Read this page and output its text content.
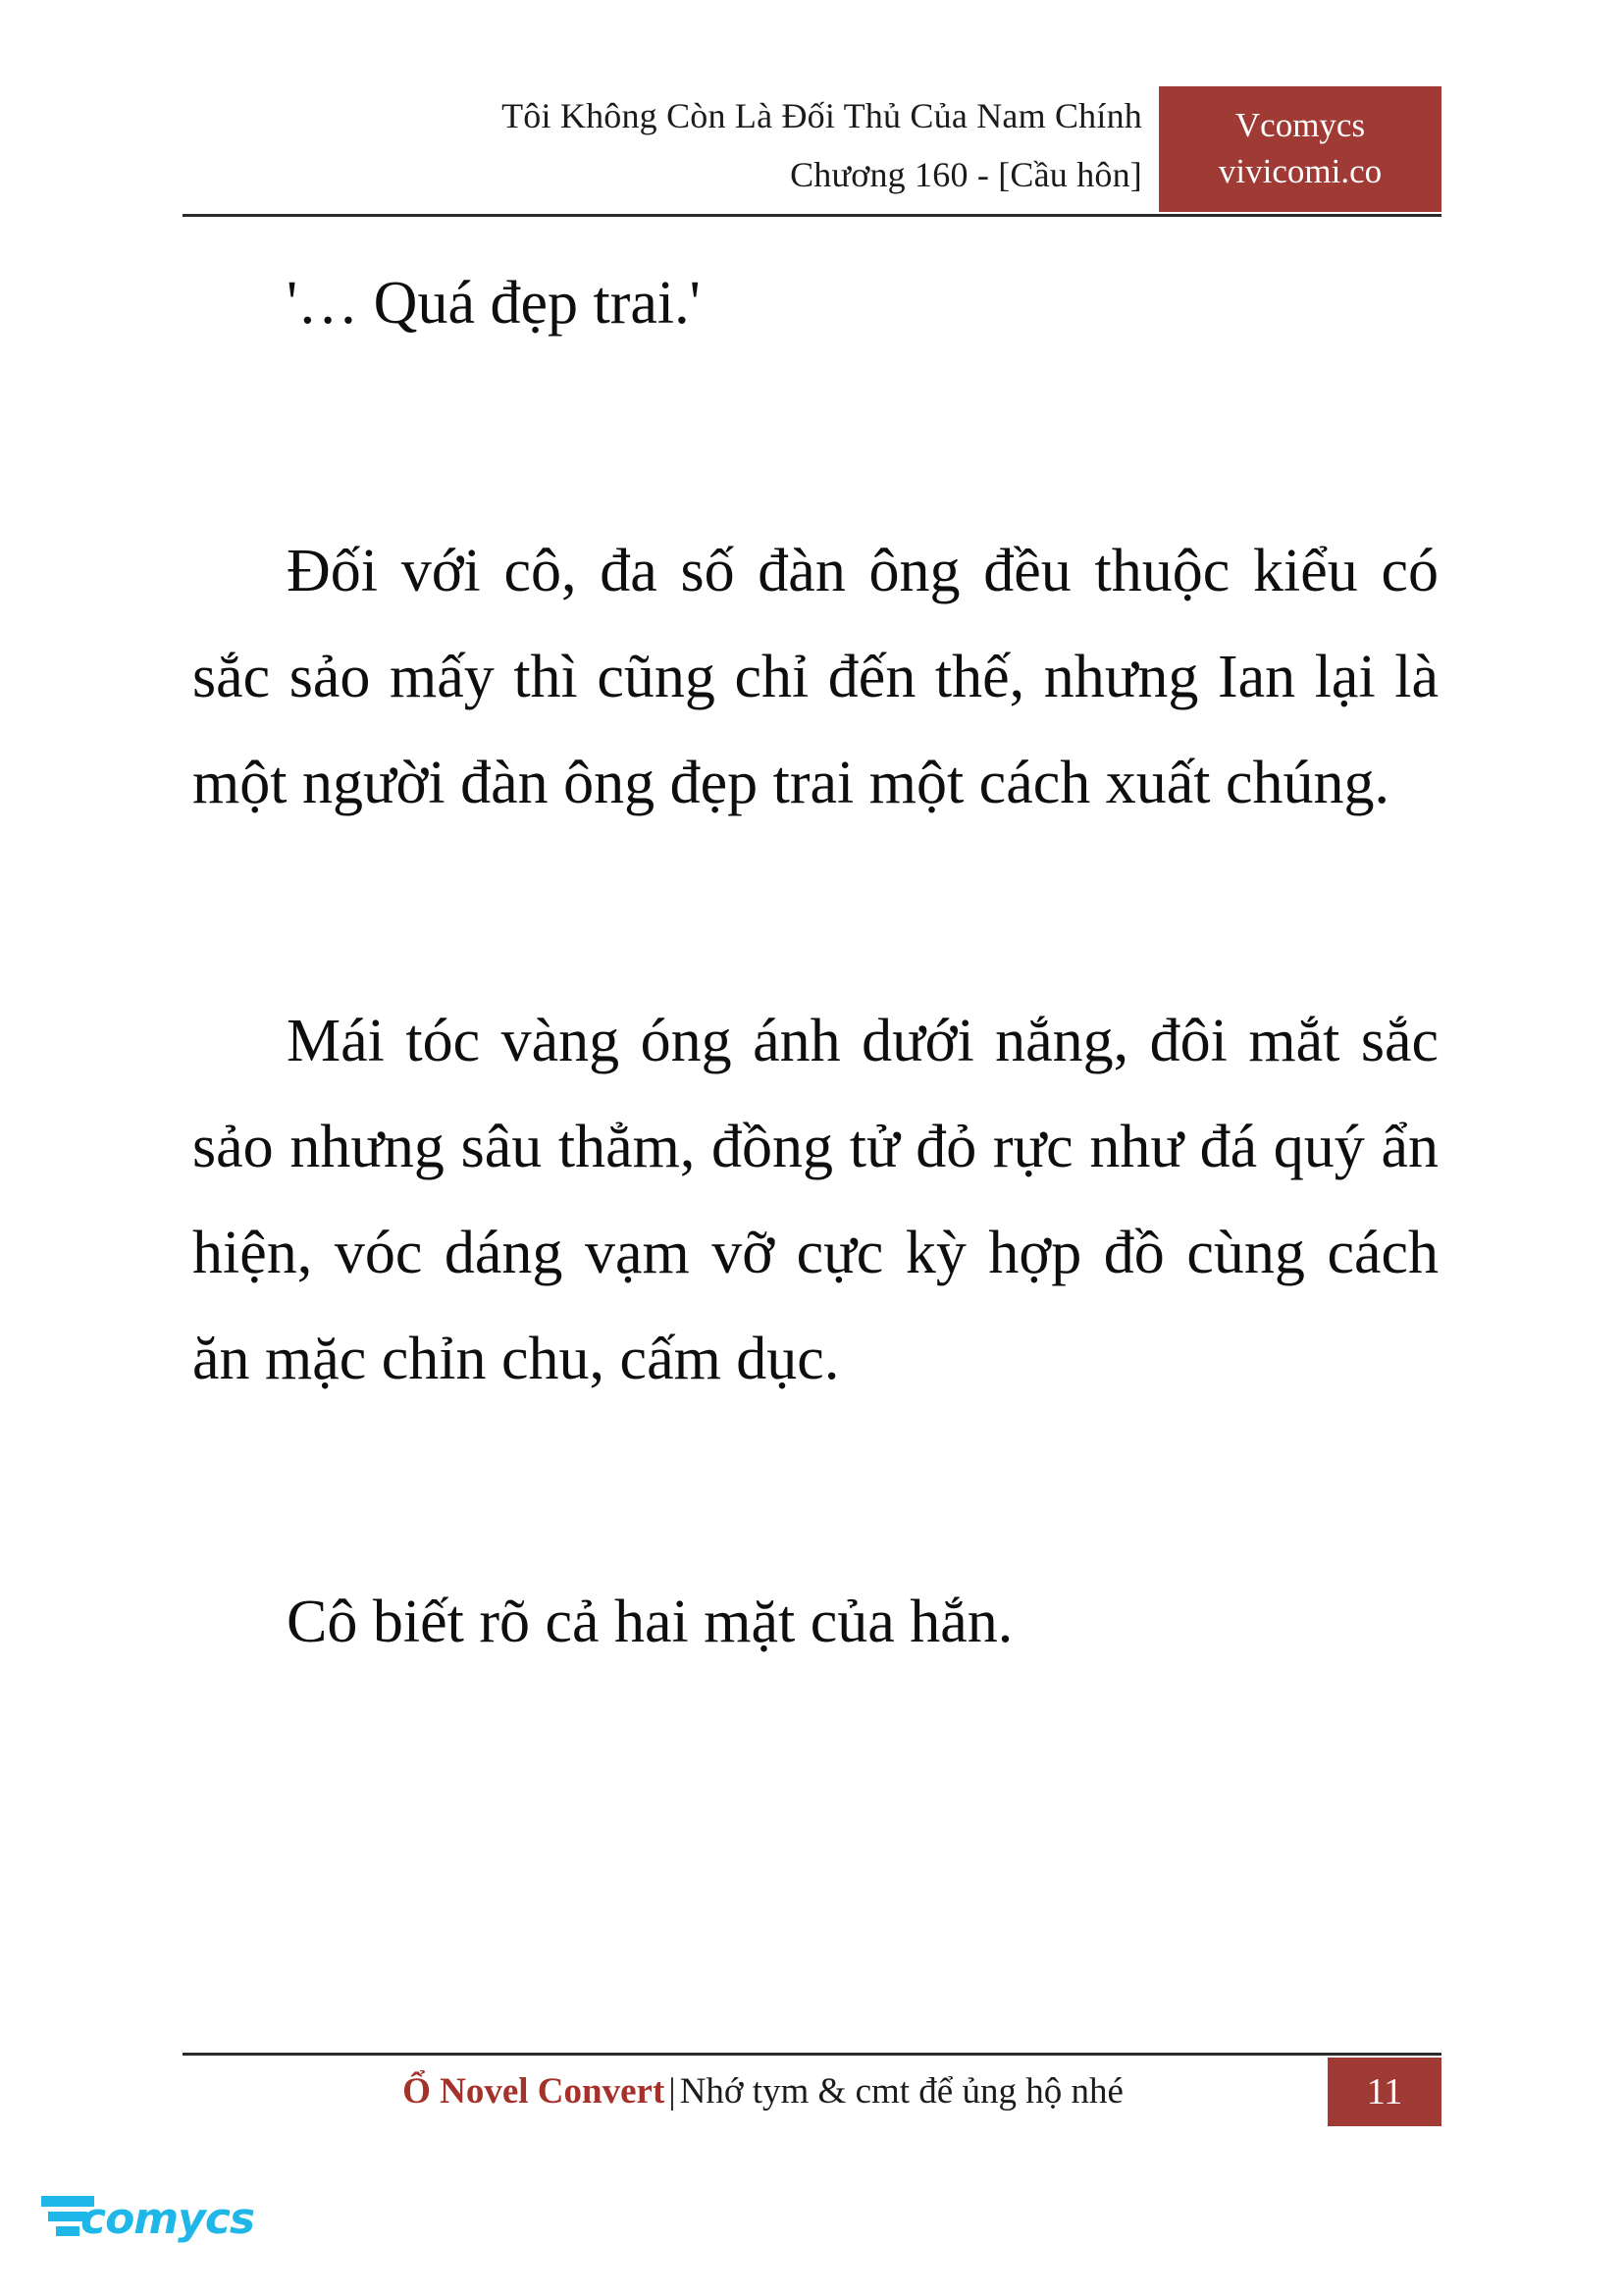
Tôi Không Còn Là Đối Thủ Của Nam Chính
Chương 160 - [Cầu hôn]
Vcomycs
vivicomi.co

'… Quá đẹp trai.'

Đối với cô, đa số đàn ông đều thuộc kiểu có sắc sảo mấy thì cũng chỉ đến thế, nhưng Ian lại là một người đàn ông đẹp trai một cách xuất chúng.

Mái tóc vàng óng ánh dưới nắng, đôi mắt sắc sảo nhưng sâu thẳm, đồng tử đỏ rực như đá quý ẩn hiện, vóc dáng vạm vỡ cực kỳ hợp đồ cùng cách ăn mặc chỉn chu, cấm dục.

Cô biết rõ cả hai mặt của hắn.

Ổ Novel Convert | Nhớ tym & cmt để ủng hộ nhé	11
comycs
